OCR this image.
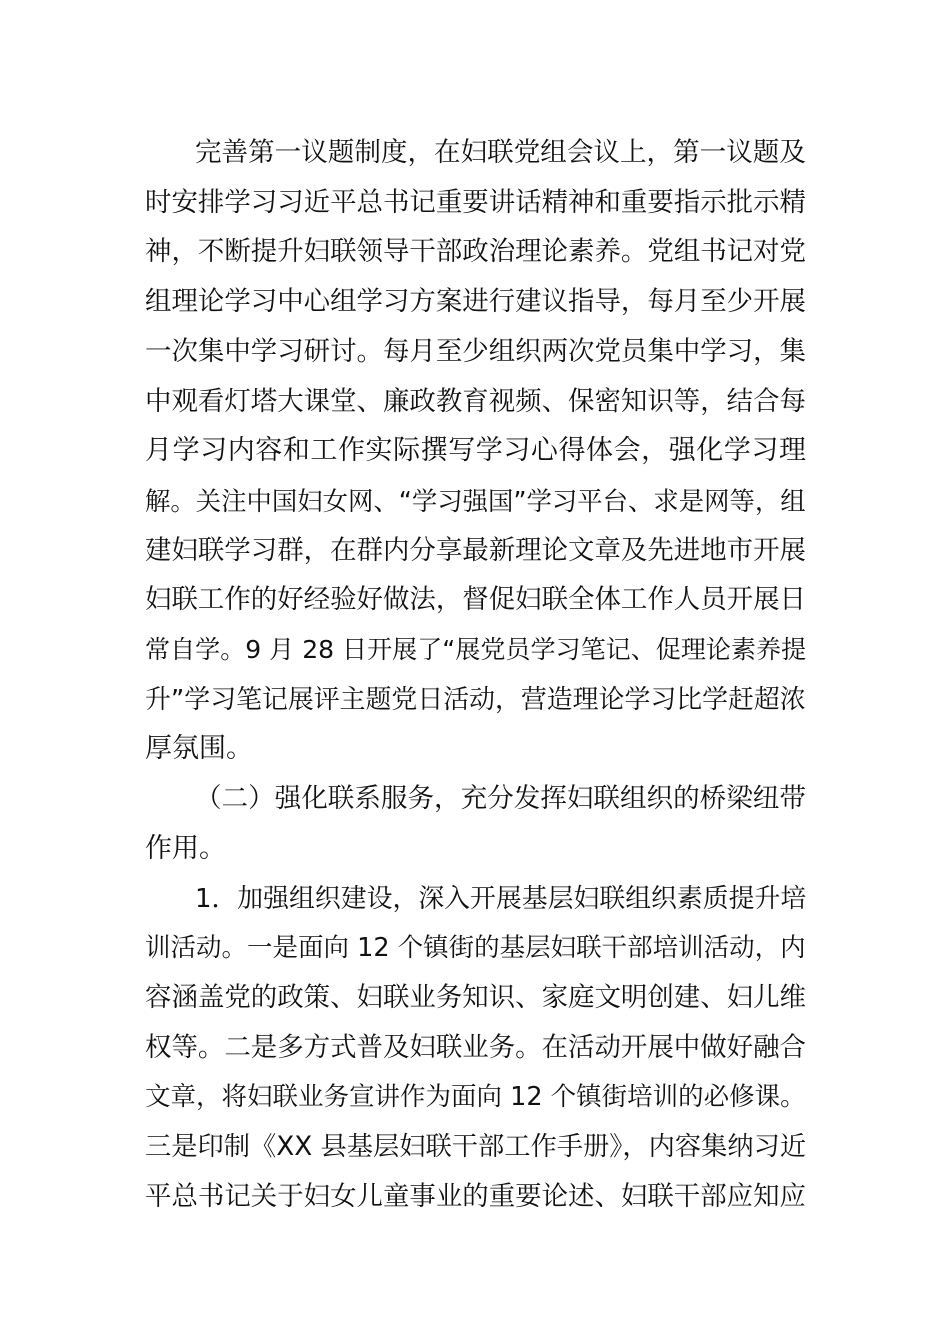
完善第一议题制度，在妇联党组会议上，第一议题及
时安排学习习近平总书记重要讲话精神和重要指示批示精
神，不断提升妇联领导干部政治理论素养。党组书记对党
组理论学习中心组学习方案进行建议指导，每月至少开展
一次集中学习研讨。每月至少组织两次党员集中学习，集
中观看灯塔大课堂、廉政教育视频、保密知识等，结合每
月学习内容和工作实际撰写学习心得体会，强化学习理
解。关注中国妇女网、“学习强国”学习平台、求是网等，组
建妇联学习群，在群内分享最新理论文章及先进地市开展
妇联工作的好经验好做法，督促妇联全体工作人员开展日
常自学。9 月 28 日开展了“展党员学习笔记、促理论素养提
升”学习笔记展评主题党日活动，营造理论学习比学赶超浓
厚氛围。
（二）强化联系服务，充分发挥妇联组织的桥梁纽带
作用。
1．加强组织建设，深入开展基层妇联组织素质提升培
训活动。一是面向 12 个镇街的基层妇联干部培训活动，内
容涵盖党的政策、妇联业务知识、家庭文明创建、妇儿维
权等。二是多方式普及妇联业务。在活动开展中做好融合
文章，将妇联业务宣讲作为面向 12 个镇街培训的必修课。
三是印制《XX 县基层妇联干部工作手册》，内容集纳习近
平总书记关于妇女儿童事业的重要论述、妇联干部应知应
